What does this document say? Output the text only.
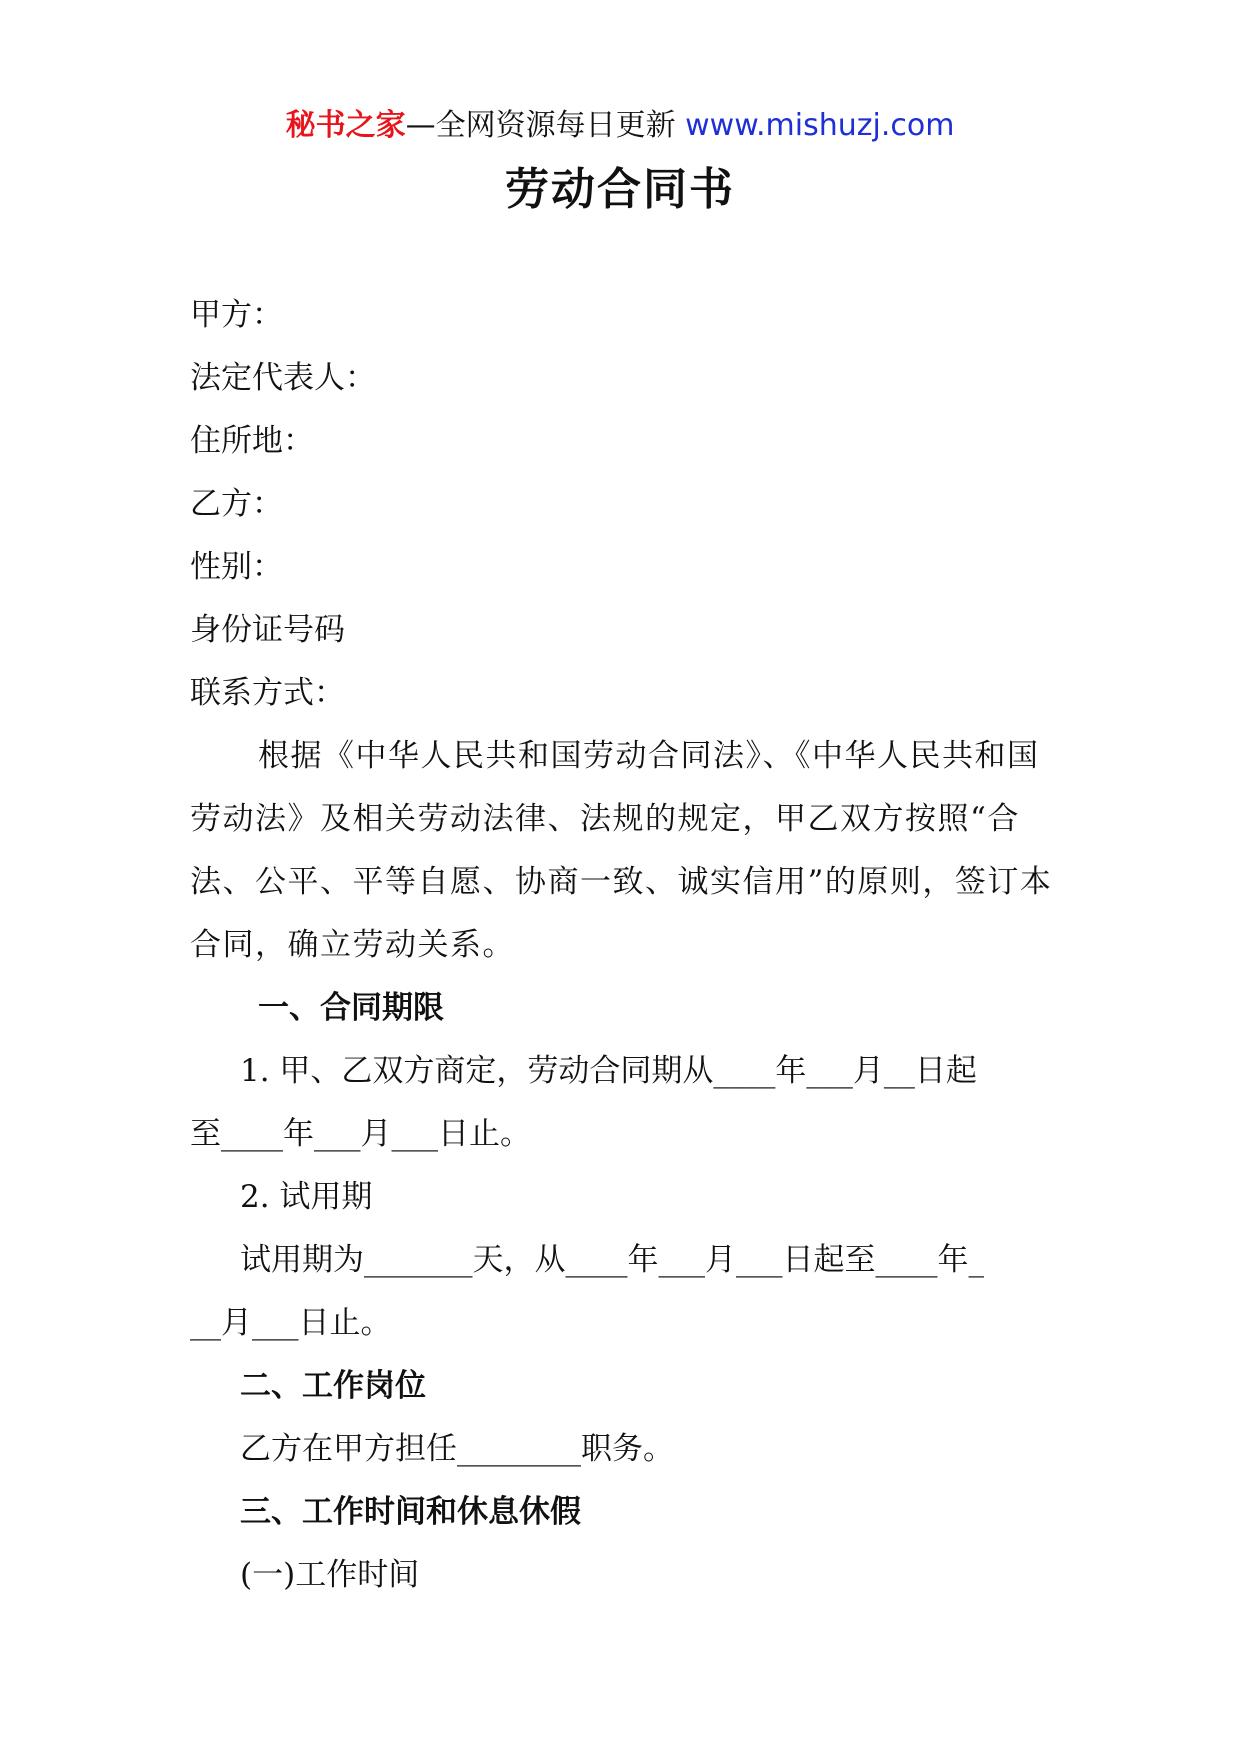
秘书之家—全网资源每日更新 www.mishuzj.com
劳动合同书

甲方：

法定代表人：

住所地：

乙方：

性别：

身份证号码

联系方式：

根据《中华人民共和国劳动合同法》、《中华人民共和国劳动法》及相关劳动法律、法规的规定，甲乙双方按照“合法、公平、平等自愿、协商一致、诚实信用”的原则，签订本合同，确立劳动关系。

一、合同期限

1. 甲、乙双方商定，劳动合同期从____年___月__日起

至____年___月___日止。

2. 试用期

试用期为_______天，从____年___月___日起至____年_

__月___日止。

二、工作岗位

乙方在甲方担任________职务。

三、工作时间和休息休假

(一)工作时间
